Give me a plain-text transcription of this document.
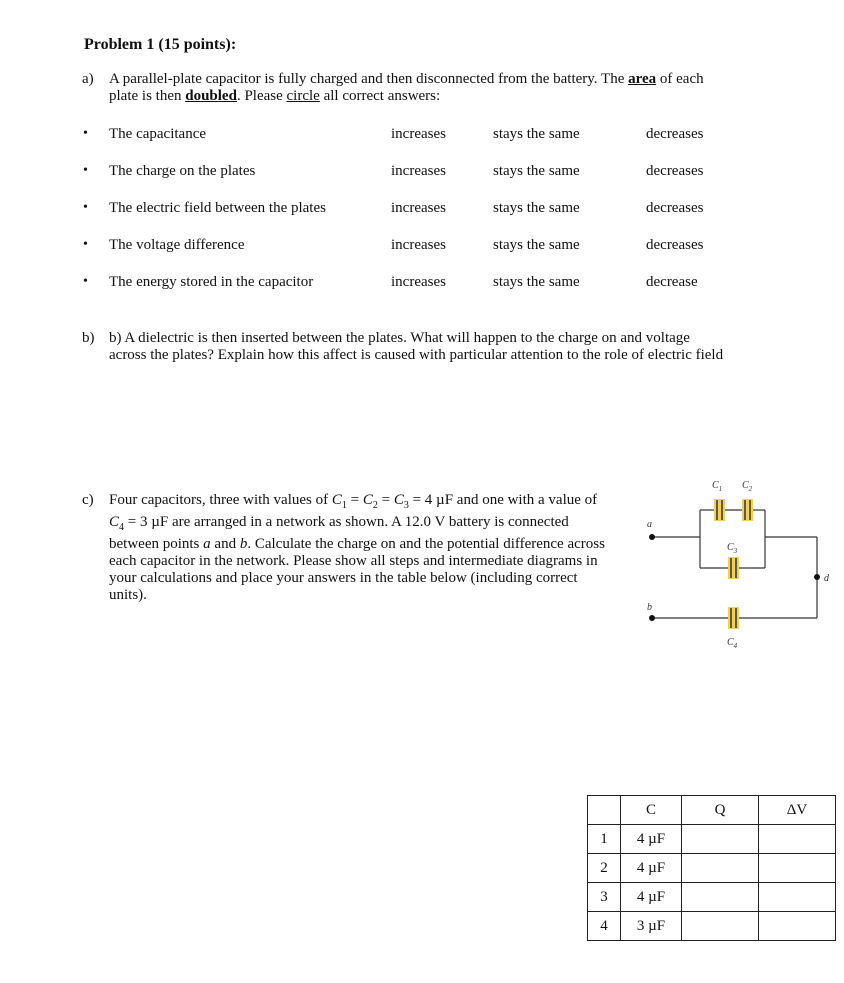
Problem 1 (15 points):
a) A parallel-plate capacitor is fully charged and then disconnected from the battery. The area of each
plate is then doubled. Please circle all correct answers:
• The capacitance	increases	stays the same	decreases
• The charge on the plates	increases	stays the same	decreases
• The electric field between the plates	increases	stays the same	decreases
• The voltage difference	increases	stays the same	decreases
• The energy stored in the capacitor	increases	stays the same	decrease
b) b) A dielectric is then inserted between the plates. What will happen to the charge on and voltage across the plates? Explain how this affect is caused with particular attention to the role of electric field
c) Four capacitors, three with values of $C_1 = C_2 = C_3 = 4$ µF and one with a value of $C_4 = 3$ µF are arranged in a network as shown. A 12.0 V battery is connected between points a and b. Calculate the charge on and the potential difference across each capacitor in the network. Please show all steps and intermediate diagrams in your calculations and place your answers in the table below (including correct units).
$C_1$ $C_2$
$C_3$
$C_4$
a
b
d
	C	Q	ΔV
1	4 µF		
2	4 µF		
3	4 µF		
4	3 µF		
